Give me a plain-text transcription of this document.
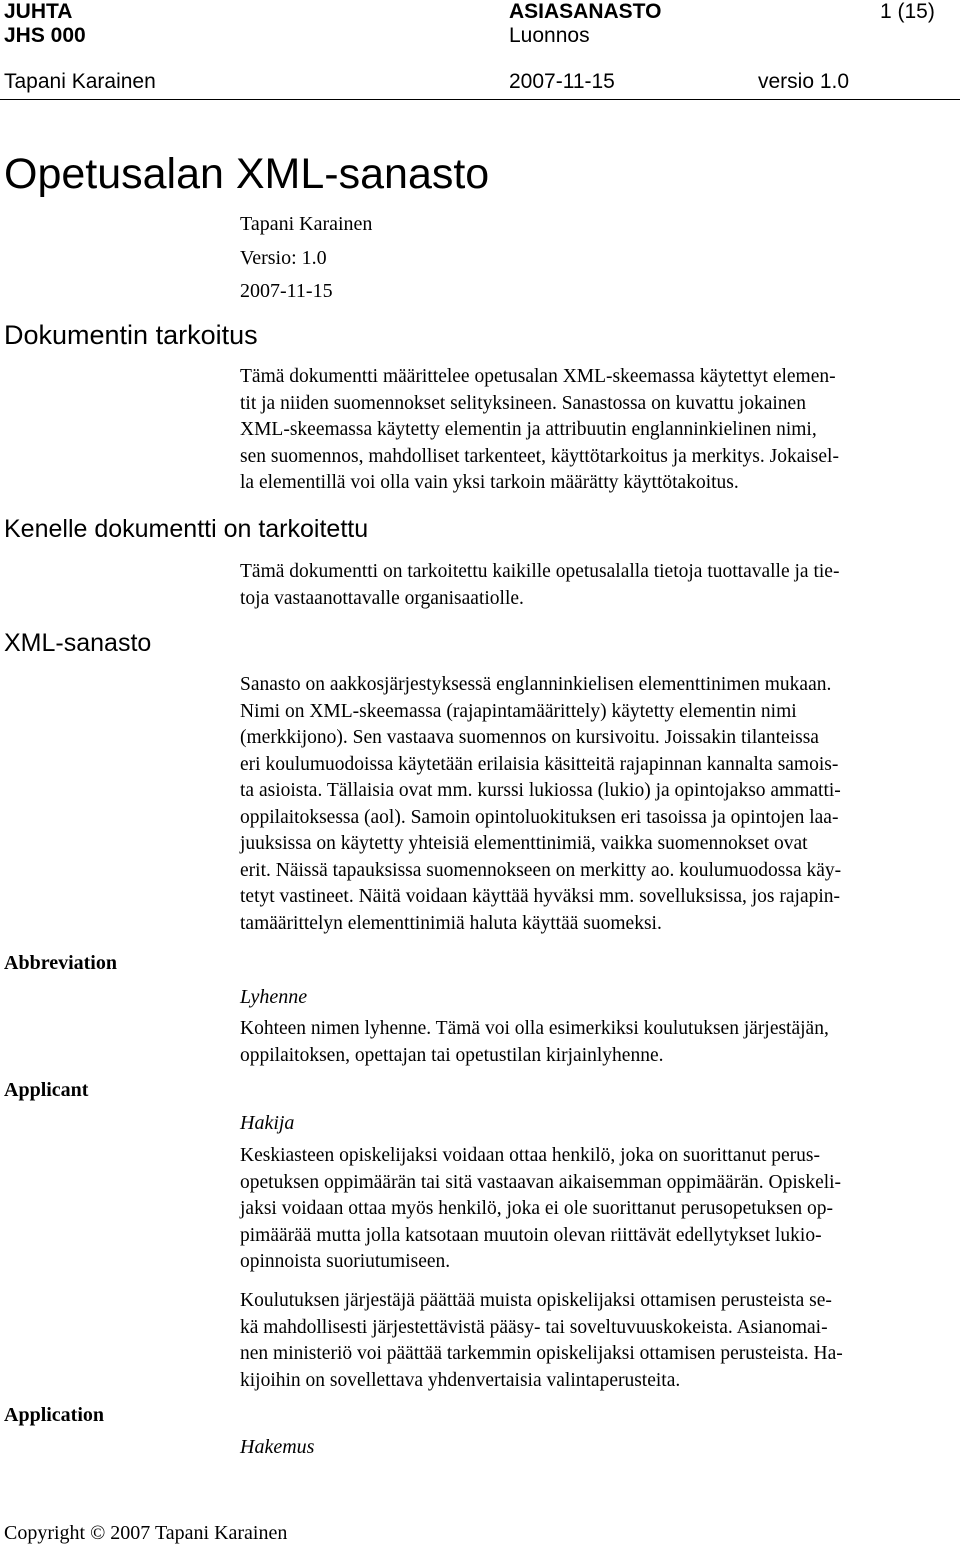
JUHTA
JHS 000
ASIASANASTO
Luonnos
1 (15)
Tapani Karainen	2007-11-15	versio 1.0
Opetusalan XML-sanasto
Tapani Karainen
Versio: 1.0
2007-11-15
Dokumentin tarkoitus
Tämä dokumentti määrittelee opetusalan XML-skeemassa käytettyt elemen-
tit ja niiden suomennokset selityksineen. Sanastossa on kuvattu jokainen
XML-skeemassa käytetty elementin ja attribuutin englanninkielinen nimi,
sen suomennos, mahdolliset tarkenteet, käyttötarkoitus ja merkitys. Jokaisel-
la elementillä voi olla vain yksi tarkoin määrätty käyttötakoitus.
Kenelle dokumentti on tarkoitettu
Tämä dokumentti on tarkoitettu kaikille opetusalalla tietoja tuottavalle ja tie-
toja vastaanottavalle organisaatiolle.
XML-sanasto
Sanasto on aakkosjärjestyksessä englanninkielisen elementtinimen mukaan.
Nimi on XML-skeemassa (rajapintamäärittely) käytetty elementin nimi
(merkkijono). Sen vastaava suomennos on kursivoitu. Joissakin tilanteissa
eri koulumuodoissa käytetään erilaisia käsitteitä rajapinnan kannalta samois-
ta asioista. Tällaisia ovat mm. kurssi lukiossa (lukio) ja opintojakso ammatti-
oppilaitoksessa (aol). Samoin opintoluokituksen eri tasoissa ja opintojen laa-
juuksissa on käytetty yhteisiä elementtinimiä, vaikka suomennokset ovat
erit. Näissä tapauksissa suomennokseen on merkitty ao. koulumuodossa käy-
tetyt vastineet. Näitä voidaan käyttää hyväksi mm. sovelluksissa, jos rajapin-
tamäärittelyn elementtinimiä haluta käyttää suomeksi.
Abbreviation
Lyhenne
Kohteen nimen lyhenne. Tämä voi olla esimerkiksi koulutuksen järjestäjän,
oppilaitoksen, opettajan tai opetustilan kirjainlyhenne.
Applicant
Hakija
Keskiasteen opiskelijaksi voidaan ottaa henkilö, joka on suorittanut perus-
opetuksen oppimäärän tai sitä vastaavan aikaisemman oppimäärän. Opiskeli-
jaksi voidaan ottaa myös henkilö, joka ei ole suorittanut perusopetuksen op-
pimäärää mutta jolla katsotaan muutoin olevan riittävät edellytykset lukio-
opinnoista suoriutumiseen.
Koulutuksen järjestäjä päättää muista opiskelijaksi ottamisen perusteista se-
kä mahdollisesti järjestettävistä pääsy- tai soveltuvuuskokeista. Asianomai-
nen ministeriö voi päättää tarkemmin opiskelijaksi ottamisen perusteista. Ha-
kijoihin on sovellettava yhdenvertaisia valintaperusteita.
Application
Hakemus
Copyright © 2007 Tapani Karainen
